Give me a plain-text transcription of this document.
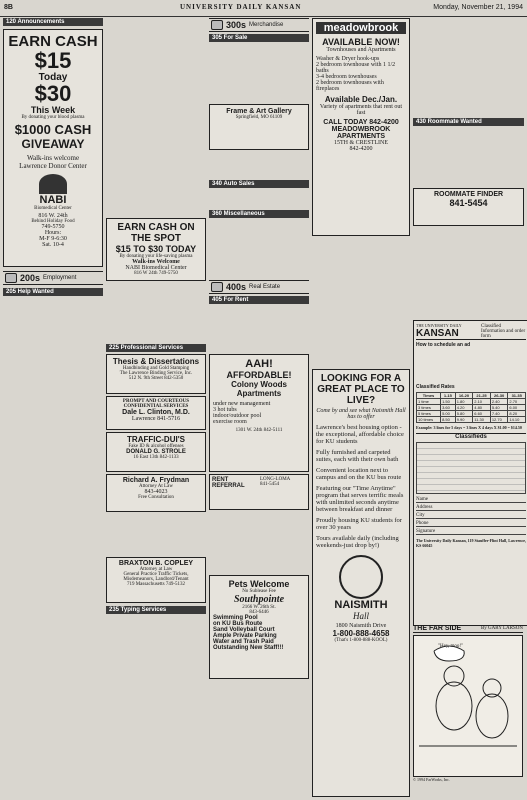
8B	UNIVERSITY DAILY KANSAN	Monday, November 21, 1994
120 Announcements
EARN CASH
$15
Today
$30
This Week
By donating your blood plasma
$1000 CASH
GIVEAWAY
Walk-ins welcome
Lawrence Donor Center
NABI
Biomedical Center
816 W. 24th
Behind Holiday Food
749-5750
Hours:
M-F 9-6:30
Sat. 10-4
200s Employment
205 Help Wanted
EARN CASH ON THE SPOT
$15 TO $30 TODAY
By donating your life-saving plasma
Walk-ins Welcome
NABI Biomedical Center
816 W 24th 749-5750
225 Professional Services
Thesis & Dissertations
Handbinding and Gold Stamping
The Lawrence Binding Service, Inc.
512 N. 9th Street 842-5350
PROMPT AND COURTEOUS CONFIDENTIAL SERVICES
Dale L. Clinton, M.D.
Lawrence 841-5716
TRAFFIC-DUI'S
Fake ID & alcohol offenses
DONALD G. STROLE
16 East 13th 842-1133
Richard A. Frydman
Attorney At Law
843-4023
Free Consultation
BRAXTON B. COPLEY
Attorney at Law
General Practice Traffic Tickets, Misdemeanors, Landlord/Tenant
719 Massachusetts 749-5132
235 Typing Services
300s Merchandise
305 For Sale
Frame & Art Gallery
Springfield, MO 61109
340 Auto Sales
360 Miscellaneous
400s Real Estate
405 For Rent
AAH!
AFFORDABLE!
Colony Woods Apartments
under new management
3 hot tubs
indoor/outdoor pool
exercise room
1301 W. 24th 842-5111
RENT REFERRAL
LONG-LOMA
841-5454
Pets Welcome
No Sublease Fee
Southpointe
2166 W. 26th St.
843-6446
Swimming Pool
on KU Bus Route
Sand Volleyball Court
Ample Private Parking
Water and Trash Paid
Outstanding New Staff!!!
meadowbrook
AVAILABLE NOW!
Townhouses and Apartments
Washer & Dryer hook-ups
2 bedroom townhouse with 1 1/2 baths
3-4 bedroom townhouses
2 bedroom townhouses with fireplaces
Available Dec./Jan.
Variety of apartments that rent out fast
CALL TODAY 842-4200
MEADOWBROOK APARTMENTS
15TH & CRESTLINE
842-4200
LOOKING FOR A GREAT PLACE TO LIVE?
Come by and see what Naismith Hall has to offer
Lawrence's best housing option - the exceptional, affordable choice for KU students
Fully furnished and carpeted suites, each with their own bath
Convenient location next to campus and on the KU bus route
Featuring our "Time Anytime" program that serves terrific meals with unlimited seconds anytime between breakfast and dinner
Proudly housing KU students for over 30 years
Tours available daily (including weekends-just drop by!)
NAISMITH
Hall
1800 Naismith Drive
1-800-888-4658
(That's 1-800-888-KOOL)
430 Roommate Wanted
ROOMMATE FINDER
841-5454
THE UNIVERSITY DAILY
KANSAN
Classified Information and order form
How to schedule an ad
Classified Rates
Times	1-15	16-20	21-25	26-30	31-35
1 time	1.50	1.80	2.10	2.40	2.70
3 times	3.60	4.20	4.80	5.40	6.00
5 times	5.00	5.80	6.60	7.40	8.20
10 times	8.50	9.90	11.30	12.70	14.10
Example: 3 lines for 5 days = 3 lines X 4 days X $1.00 = $14.50
Classifieds
Name
Address
City
Phone
Signature
The University Daily Kansan, 119 Stauffer-Flint Hall, Lawrence, KS 66045
THE FAR SIDE	By GARY LARSON
"Hey, moo!"
© 1994 FarWorks, Inc.
